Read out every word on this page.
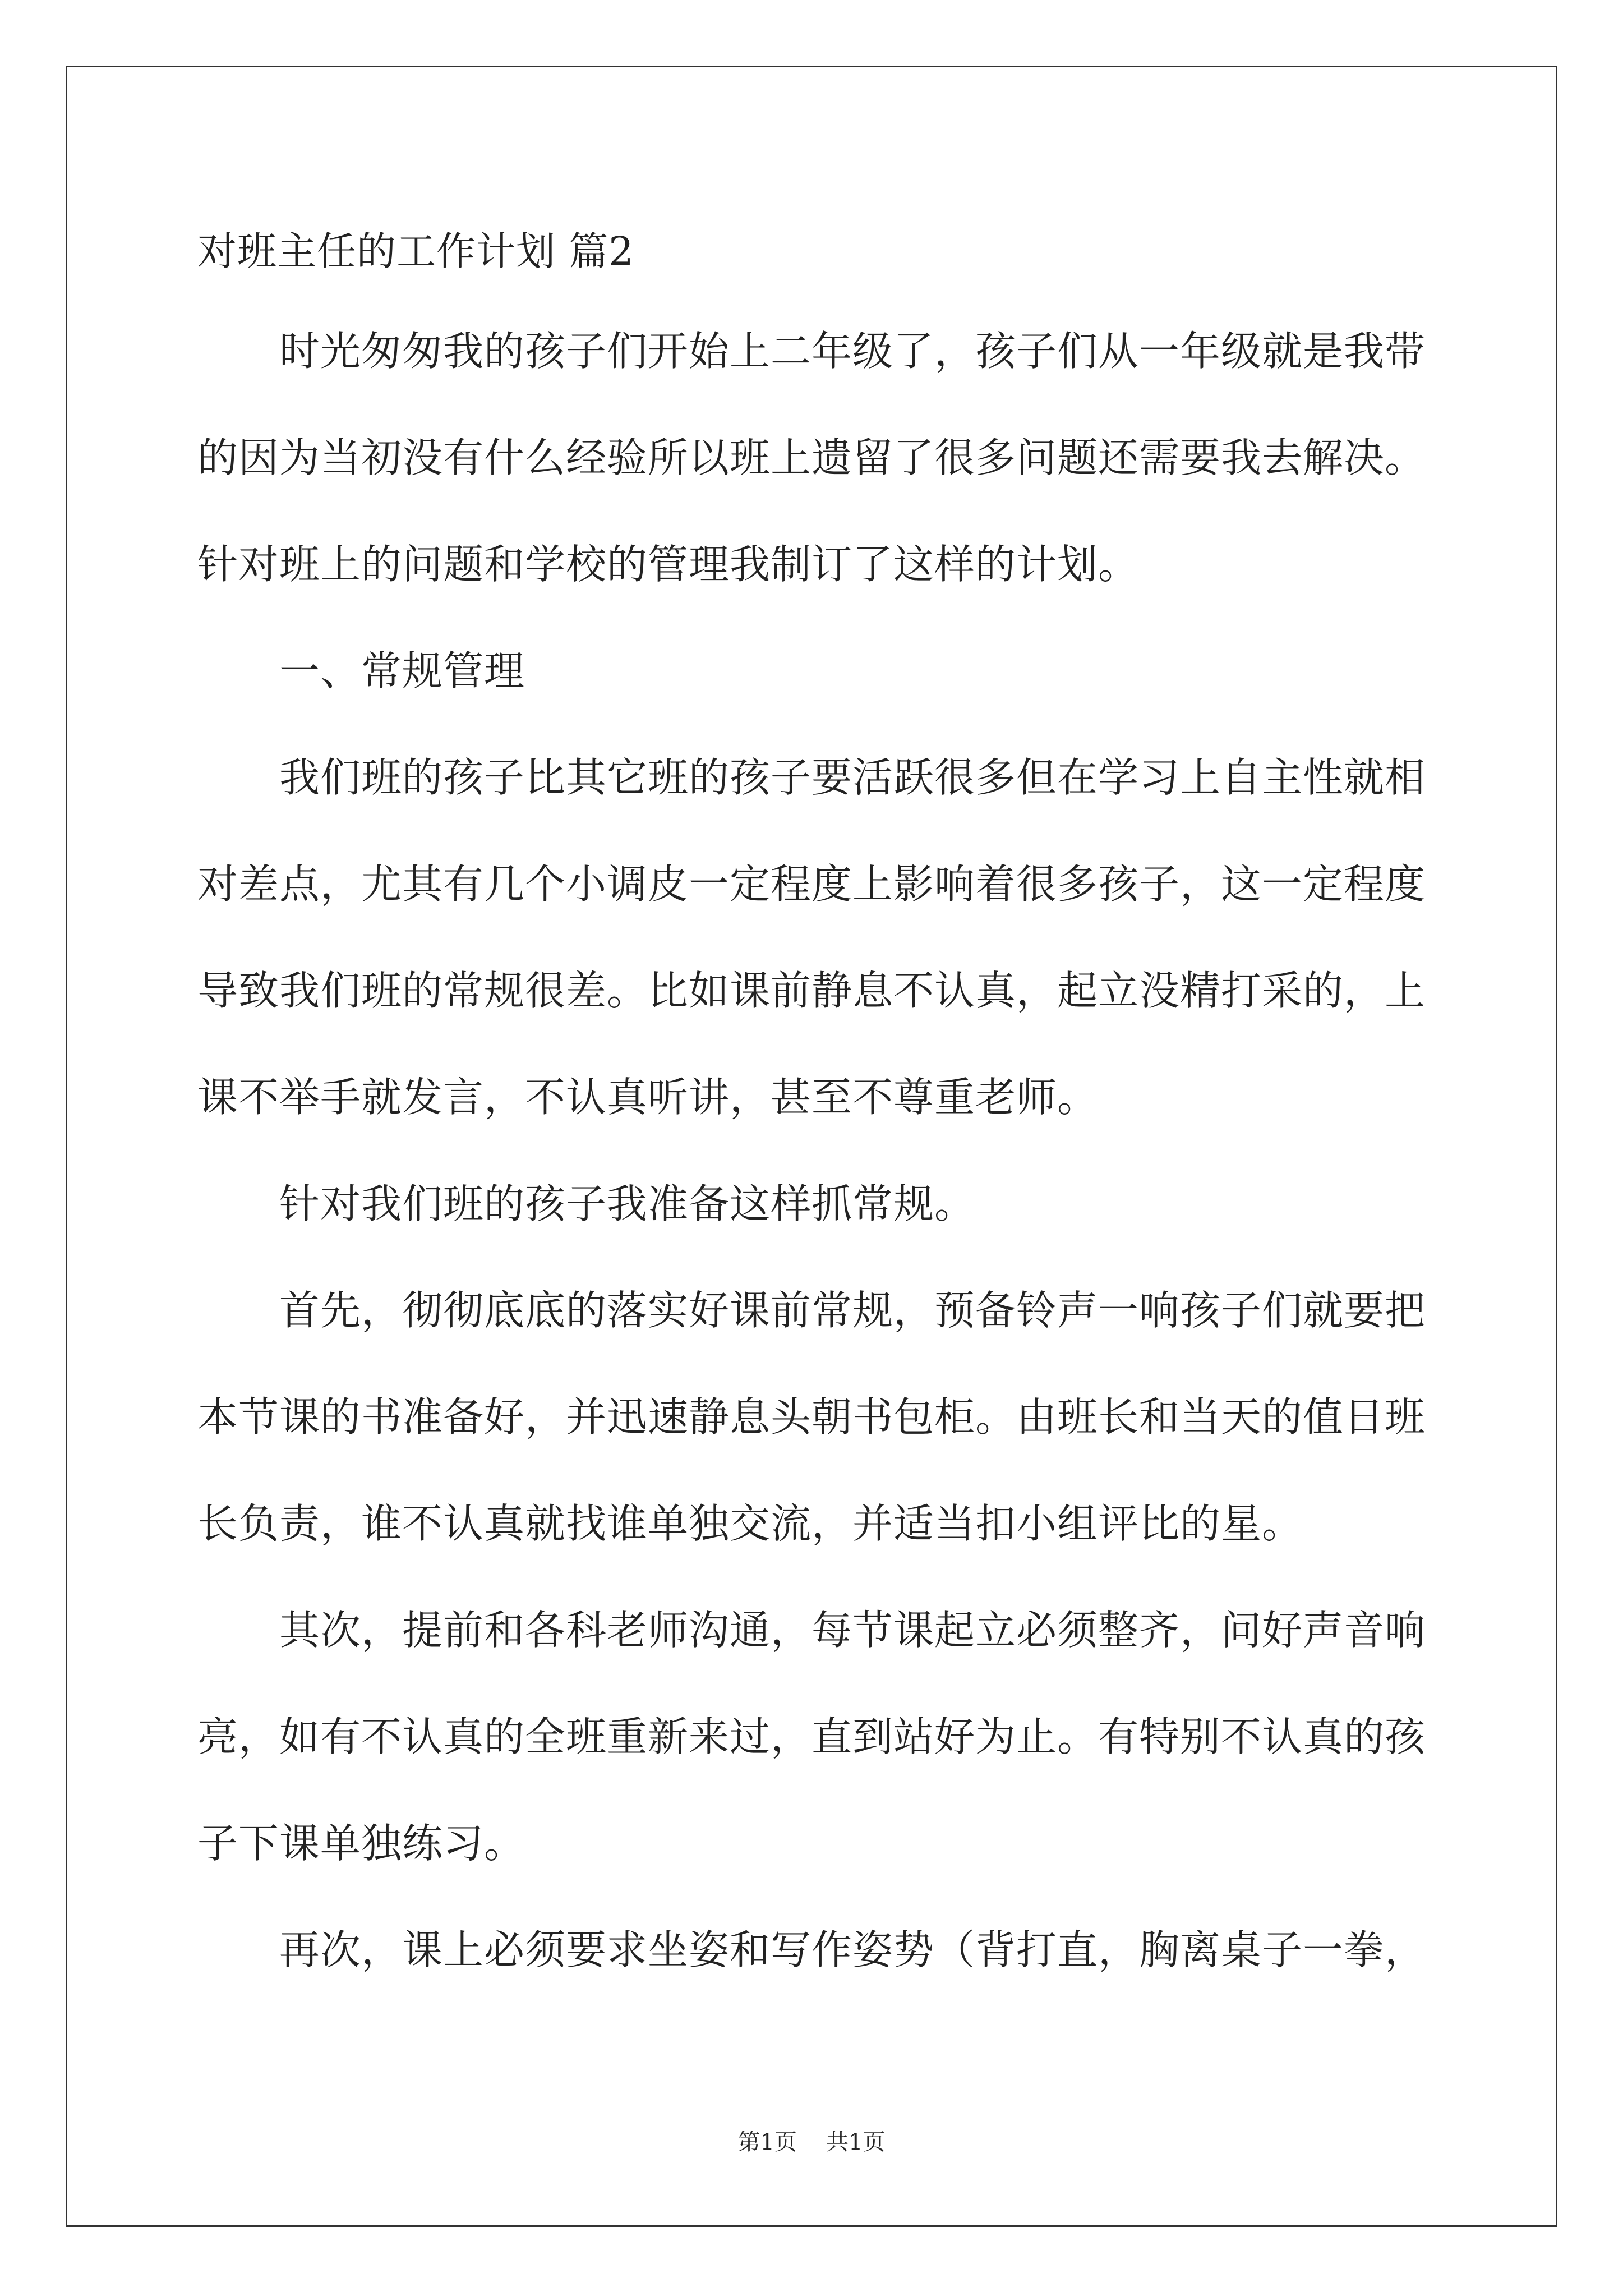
对班主任的工作计划 篇2
时光匆匆我的孩子们开始上二年级了，孩子们从一年级就是我带
的因为当初没有什么经验所以班上遗留了很多问题还需要我去解决。
针对班上的问题和学校的管理我制订了这样的计划。
一、常规管理
我们班的孩子比其它班的孩子要活跃很多但在学习上自主性就相
对差点，尤其有几个小调皮一定程度上影响着很多孩子，这一定程度
导致我们班的常规很差。比如课前静息不认真，起立没精打采的，上
课不举手就发言，不认真听讲，甚至不尊重老师。
针对我们班的孩子我准备这样抓常规。
首先，彻彻底底的落实好课前常规，预备铃声一响孩子们就要把
本节课的书准备好，并迅速静息头朝书包柜。由班长和当天的值日班
长负责，谁不认真就找谁单独交流，并适当扣小组评比的星。
其次，提前和各科老师沟通，每节课起立必须整齐，问好声音响
亮，如有不认真的全班重新来过，直到站好为止。有特别不认真的孩
子下课单独练习。
再次，课上必须要求坐姿和写作姿势（背打直，胸离桌子一拳，
第1页 共1页
